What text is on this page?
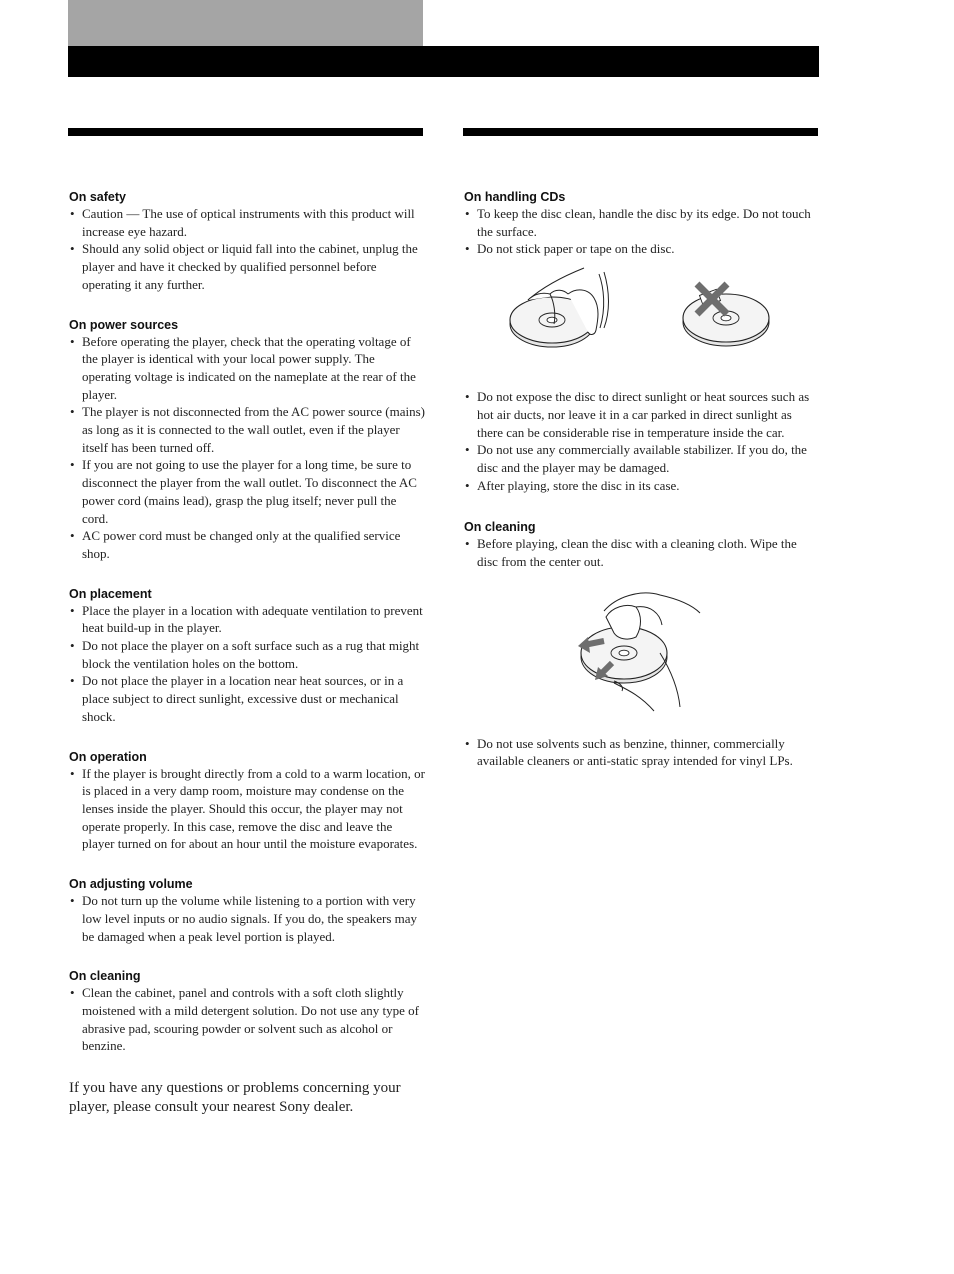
On safety
• Caution — The use of optical instruments with this product will increase eye hazard.
• Should any solid object or liquid fall into the cabinet, unplug the player and have it checked by qualified personnel before operating it any further.
On power sources
• Before operating the player, check that the operating voltage of the player is identical with your local power supply. The operating voltage is indicated on the nameplate at the rear of the player.
• The player is not disconnected from the AC power source (mains) as long as it is connected to the wall outlet, even if the player itself has been turned off.
• If you are not going to use the player for a long time, be sure to disconnect the player from the wall outlet. To disconnect the AC power cord (mains lead), grasp the plug itself; never pull the cord.
• AC power cord must be changed only at the qualified service shop.
On placement
• Place the player in a location with adequate ventilation to prevent heat build-up in the player.
• Do not place the player on a soft surface such as a rug that might block the ventilation holes on the bottom.
• Do not place the player in a location near heat sources, or in a place subject to direct sunlight, excessive dust or mechanical shock.
On operation
• If the player is brought directly from a cold to a warm location, or is placed in a very damp room, moisture may condense on the lenses inside the player. Should this occur, the player may not operate properly. In this case, remove the disc and leave the player turned on for about an hour until the moisture evaporates.
On adjusting volume
• Do not turn up the volume while listening to a portion with very low level inputs or no audio signals. If you do, the speakers may be damaged when a peak level portion is played.
On cleaning
• Clean the cabinet, panel and controls with a soft cloth slightly moistened with a mild detergent solution. Do not use any type of abrasive pad, scouring powder or solvent such as alcohol or benzine.
If you have any questions or problems concerning your player, please consult your nearest Sony dealer.
On handling CDs
• To keep the disc clean, handle the disc by its edge. Do not touch the surface.
• Do not stick paper or tape on the disc.
• Do not expose the disc to direct sunlight or heat sources such as hot air ducts, nor leave it in a car parked in direct sunlight as there can be considerable rise in temperature inside the car.
• Do not use any commercially available stabilizer. If you do, the disc and the player may be damaged.
• After playing, store the disc in its case.
On cleaning
• Before playing, clean the disc with a cleaning cloth. Wipe the disc from the center out.
• Do not use solvents such as benzine, thinner, commercially available cleaners or anti-static spray intended for vinyl LPs.
